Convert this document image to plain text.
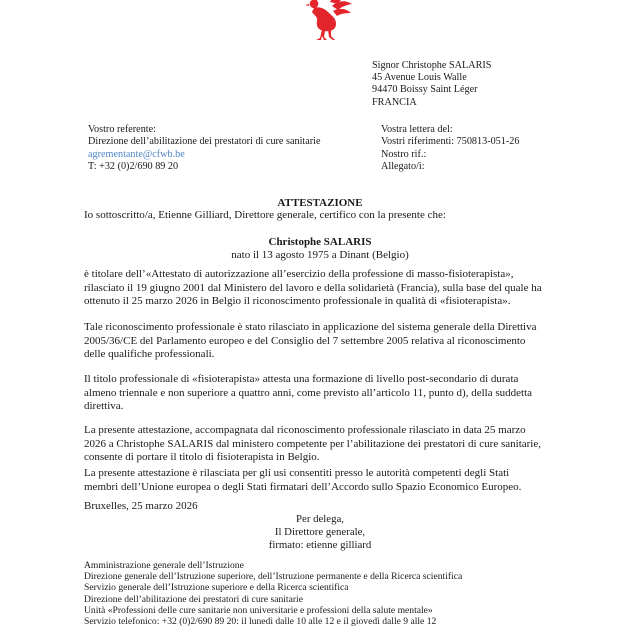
Signor Christophe SALARIS
45 Avenue Louis Walle
94470 Boissy Saint Léger
FRANCIA
Vostro referente:
Direzione dell’abilitazione dei prestatori di cure sanitarie
agrementante@cfwb.be
T: +32 (0)2/690 89 20
Vostra lettera del:
Vostri riferimenti: 750813-051-26
Nostro rif.:
Allegato/i:
ATTESTAZIONE
Io sottoscritto/a, Etienne Gilliard, Direttore generale, certifico con la presente che:
Christophe SALARIS
nato il 13 agosto 1975 a Dinant (Belgio)
è titolare dell’«Attestato di autorizzazione all’esercizio della professione di masso-fisioterapista»,
rilasciato il 19 giugno 2001 dal Ministero del lavoro e della solidarietà (Francia), sulla base del quale ha
ottenuto il 25 marzo 2026 in Belgio il riconoscimento professionale in qualità di «fisioterapista».
Tale riconoscimento professionale è stato rilasciato in applicazione del sistema generale della Direttiva
2005/36/CE del Parlamento europeo e del Consiglio del 7 settembre 2005 relativa al riconoscimento
delle qualifiche professionali.
Il titolo professionale di «fisioterapista» attesta una formazione di livello post-secondario di durata
almeno triennale e non superiore a quattro anni, come previsto all’articolo 11, punto d), della suddetta
direttiva.
La presente attestazione, accompagnata dal riconoscimento professionale rilasciato in data 25 marzo
2026 a Christophe SALARIS dal ministero competente per l’abilitazione dei prestatori di cure sanitarie,
consente di portare il titolo di fisioterapista in Belgio.
La presente attestazione è rilasciata per gli usi consentiti presso le autorità competenti degli Stati
membri dell’Unione europea o degli Stati firmatari dell’Accordo sullo Spazio Economico Europeo.
Bruxelles, 25 marzo 2026
Per delega,
Il Direttore generale,
firmato: etienne gilliard
Amministrazione generale dell’Istruzione
Direzione generale dell’Istruzione superiore, dell’Istruzione permanente e della Ricerca scientifica
Servizio generale dell’Istruzione superiore e della Ricerca scientifica
Direzione dell’abilitazione dei prestatori di cure sanitarie
Unità «Professioni delle cure sanitarie non universitarie e professioni della salute mentale»
Servizio telefonico: +32 (0)2/690 89 20: il lunedì dalle 10 alle 12 e il giovedì dalle 9 alle 12
